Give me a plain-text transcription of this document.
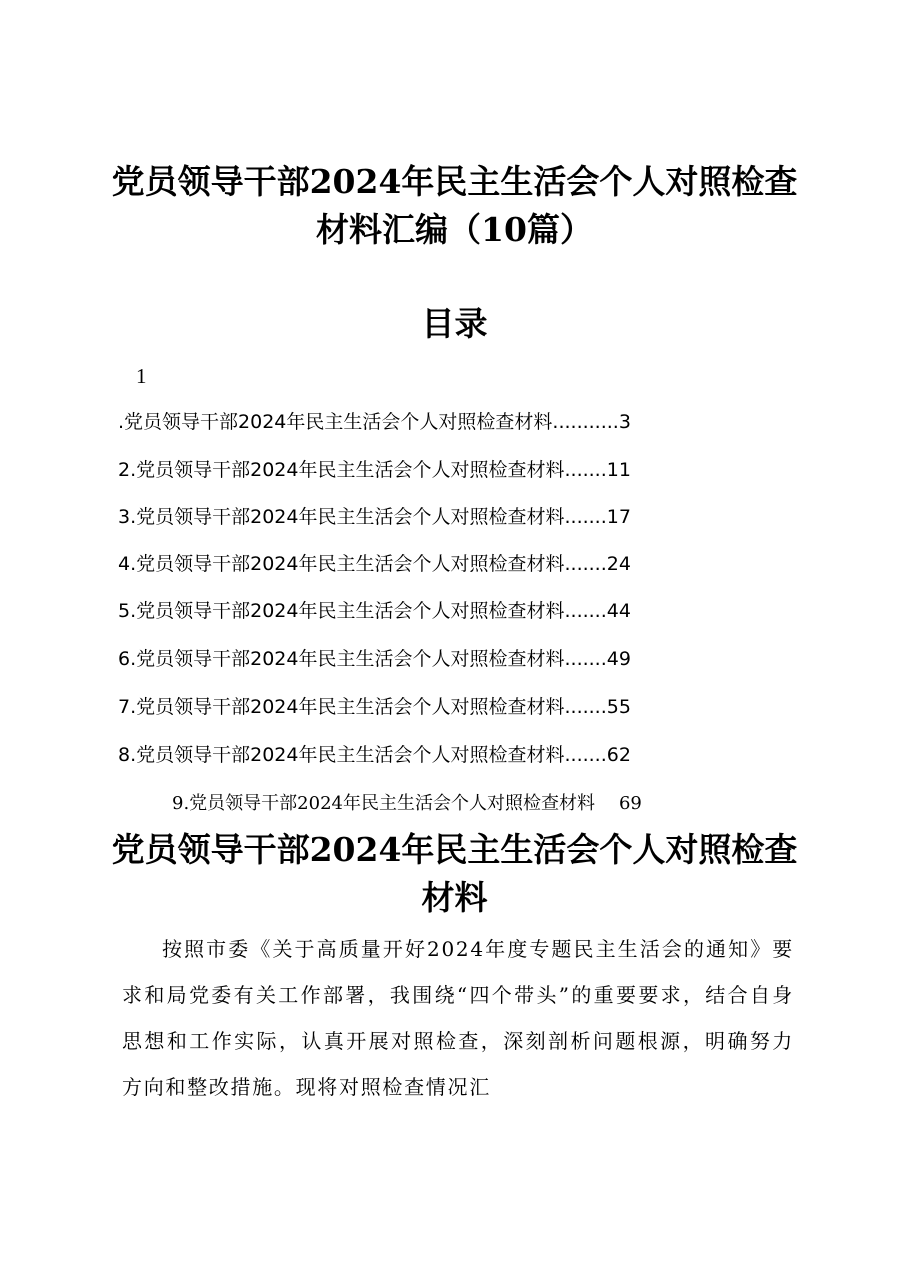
党员领导干部2024年民主生活会个人对照检查材料汇编（10篇）
目录
1
.党员领导干部2024年民主生活会个人对照检查材料 ........... 3
2.党员领导干部2024年民主生活会个人对照检查材料 ....... 11
3.党员领导干部2024年民主生活会个人对照检查材料 ....... 17
4.党员领导干部2024年民主生活会个人对照检查材料 ....... 24
5.党员领导干部2024年民主生活会个人对照检查材料 ....... 44
6.党员领导干部2024年民主生活会个人对照检查材料 ....... 49
7.党员领导干部2024年民主生活会个人对照检查材料 ....... 55
8.党员领导干部2024年民主生活会个人对照检查材料 ....... 62
9.党员领导干部2024年民主生活会个人对照检查材料 69
党员领导干部2024年民主生活会个人对照检查材料

按照市委《关于高质量开好2024年度专题民主生活会的通知》要求和局党委有关工作部署，我围绕“四个带头”的重要要求，结合自身思想和工作实际，认真开展对照检查，深刻剖析问题根源，明确努力方向和整改措施。现将对照检查情况汇
